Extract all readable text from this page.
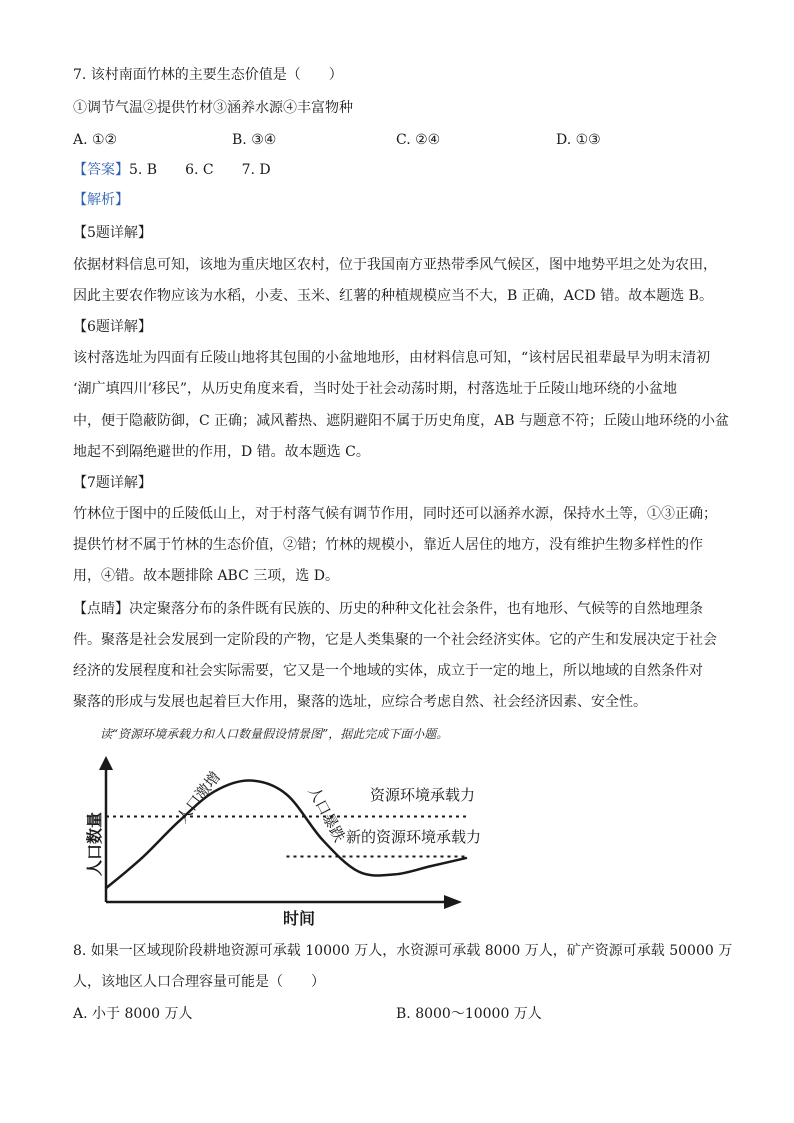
7. 该村南面竹林的主要生态价值是（　　）
①调节气温②提供竹材③涵养水源④丰富物种
A. ①②	B. ③④	C. ②④	D. ①③
【答案】5. B　　6. C　　7. D
【解析】
【5题详解】
依据材料信息可知，该地为重庆地区农村，位于我国南方亚热带季风气候区，图中地势平坦之处为农田，
因此主要农作物应该为水稻，小麦、玉米、红薯的种植规模应当不大，B 正确，ACD 错。故本题选 B。
【6题详解】
该村落选址为四面有丘陵山地将其包围的小盆地地形，由材料信息可知，“该村居民祖辈最早为明末清初
‘湖广填四川’移民”，从历史角度来看，当时处于社会动荡时期，村落选址于丘陵山地环绕的小盆地
中，便于隐蔽防御，C 正确；减风蓄热、遮阴避阳不属于历史角度，AB 与题意不符；丘陵山地环绕的小盆
地起不到隔绝避世的作用，D 错。故本题选 C。
【7题详解】
竹林位于图中的丘陵低山上，对于村落气候有调节作用，同时还可以涵养水源，保持水土等，①③正确；
提供竹材不属于竹林的生态价值，②错；竹林的规模小，靠近人居住的地方，没有维护生物多样性的作
用，④错。故本题排除 ABC 三项，选 D。
【点睛】决定聚落分布的条件既有民族的、历史的种种文化社会条件，也有地形、气候等的自然地理条
件。聚落是社会发展到一定阶段的产物，它是人类集聚的一个社会经济实体。它的产生和发展决定于社会
经济的发展程度和社会实际需要，它又是一个地域的实体，成立于一定的地上，所以地域的自然条件对
聚落的形成与发展也起着巨大作用，聚落的选址，应综合考虑自然、社会经济因素、安全性。
读“资源环境承载力和人口数量假设情景图”，据此完成下面小题。
人口激增	人口暴跌 资源环境承载力
新的资源环境承载力
人口数量
时间
8. 如果一区域现阶段耕地资源可承载 10000 万人，水资源可承载 8000 万人，矿产资源可承载 50000 万
人，该地区人口合理容量可能是（　　）
A. 小于 8000 万人	B. 8000～10000 万人
